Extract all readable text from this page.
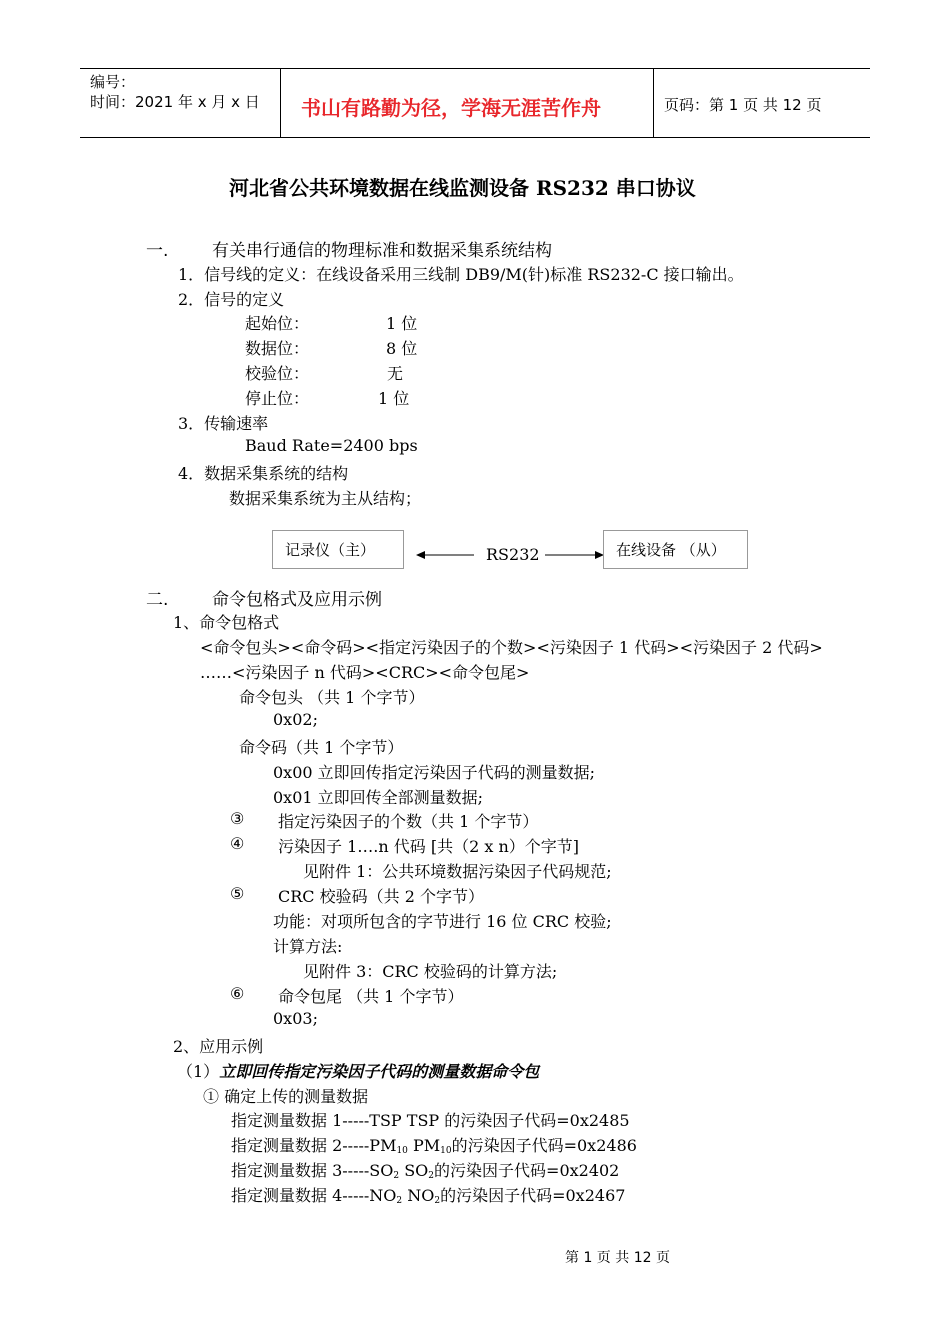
编号：
时间：2021 年 x 月 x 日 书山有路勤为径，学海无涯苦作舟	页码：第 1 页 共 12 页
河北省公共环境数据在线监测设备 RS232 串口协议
一.	有关串行通信的物理标准和数据采集系统结构
1．信号线的定义：在线设备采用三线制 DB9/M(针)标准 RS232-C 接口输出。
2．信号的定义
起始位：	1 位
数据位：	8 位
校验位：	无
停止位：	1 位
3．传输速率
Baud Rate=2400 bps
4．数据采集系统的结构
数据采集系统为主从结构；
记录仪（主）	RS232	在线设备 （从）
二.	命令包格式及应用示例
1、命令包格式
<命令包头><命令码><指定污染因子的个数><污染因子 1 代码><污染因子 2 代码>
……<污染因子 n 代码><CRC><命令包尾>
命令包头 （共 1 个字节）
0x02;
命令码（共 1 个字节）
0x00 立即回传指定污染因子代码的测量数据;
0x01 立即回传全部测量数据;
③ 指定污染因子的个数（共 1 个字节）
④ 污染因子 1….n 代码 [共（2 x n）个字节]
见附件 1：公共环境数据污染因子代码规范;
⑤ CRC 校验码（共 2 个字节）
功能：对项所包含的字节进行 16 位 CRC 校验;
计算方法:
见附件 3：CRC 校验码的计算方法;
⑥ 命令包尾 （共 1 个字节）
0x03;
2、应用示例
（1）立即回传指定污染因子代码的测量数据命令包
① 确定上传的测量数据
指定测量数据 1-----TSP TSP 的污染因子代码=0x2485
指定测量数据 $2-----PM_{10}$ $PM_{10}$的污染因子代码=0x2486
指定测量数据 $3-----SO_2$ $SO_2$的污染因子代码=0x2402
指定测量数据 $4-----NO_2$ $NO_2$的污染因子代码=0x2467
第 1 页 共 12 页
